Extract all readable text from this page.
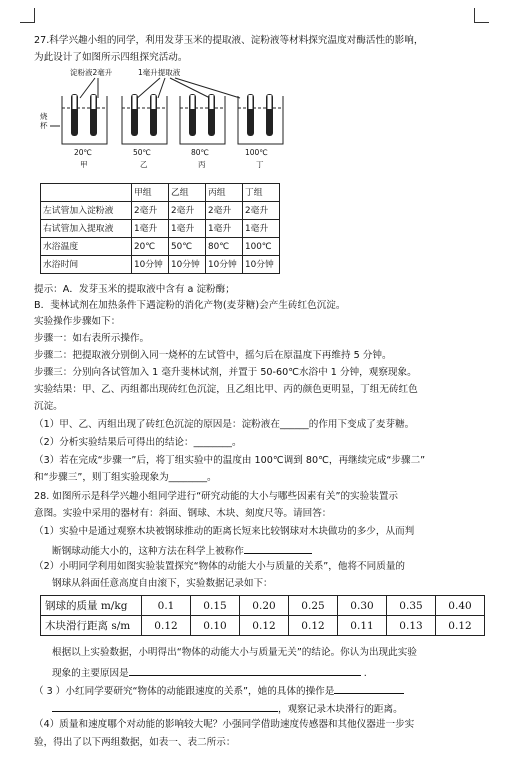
27.科学兴趣小组的同学，利用发芽玉米的提取液、淀粉液等材料探究温度对酶活性的影响，
为此设计了如图所示四组探究活动。
淀粉液2毫升	1毫升提取液
烧杯
20℃
甲
50℃
乙
80℃
丙
100℃
丁
	甲组	乙组	丙组	丁组
左试管加入淀粉液	2毫升	2毫升	2毫升	2毫升
右试管加入提取液	1毫升	1毫升	1毫升	1毫升
水浴温度	20℃	50℃	80℃	100℃
水浴时间	10分钟	10分钟	10分钟	10分钟
提示：A．发芽玉米的提取液中含有 a 淀粉酶；
B．斐林试剂在加热条件下遇淀粉的消化产物(麦芽糖)会产生砖红色沉淀。
实验操作步骤如下：
步骤一：如右表所示操作。
步骤二：把提取液分别倒入同一烧杯的左试管中，摇匀后在原温度下再维持 5 分钟。
步骤三：分别向各试管加入 1 毫升斐林试剂，并置于 50-60℃水浴中 1 分钟，观察现象。
实验结果：甲、乙、丙组都出现砖红色沉淀，且乙组比甲、丙的颜色更明显，丁组无砖红色
沉淀。
（1）甲、乙、丙组出现了砖红色沉淀的原因是：淀粉液在______的作用下变成了麦芽糖。
（2）分析实验结果后可得出的结论：________。
（3）若在完成“步骤一”后，将丁组实验中的温度由 100℃调到 80℃，再继续完成“步骤二”
和“步骤三”，则丁组实验现象为________。
28. 如图所示是科学兴趣小组同学进行“研究动能的大小与哪些因素有关”的实验装置示
意图。实验中采用的器材有：斜面、钢球、木块、刻度尺等。请回答：
（1）实验中是通过观察木块被钢球推动的距离长短来比较钢球对木块做功的多少，从而判
断钢球动能大小的，这种方法在科学上被称作
（2）小明同学利用如图实验装置探究“物体的动能大小与质量的关系”，他将不同质量的
钢球从斜面任意高度自由滚下，实验数据记录如下：
钢球的质量 m/kg	0.1	0.15	0.20	0.25	0.30	0.35	0.40
木块滑行距离 s/m	0.12	0.10	0.12	0.12	0.11	0.13	0.12
根据以上实验数据，小明得出“物体的动能大小与质量无关”的结论。你认为出现此实验
现象的主要原因是	.
（ 3 ）小红同学要研究“物体的动能跟速度的关系”，她的具体的操作是
，观察记录木块滑行的距离。
（4）质量和速度哪个对动能的影响较大呢？小强同学借助速度传感器和其他仪器进一步实
验，得出了以下两组数据，如表一、表二所示：
